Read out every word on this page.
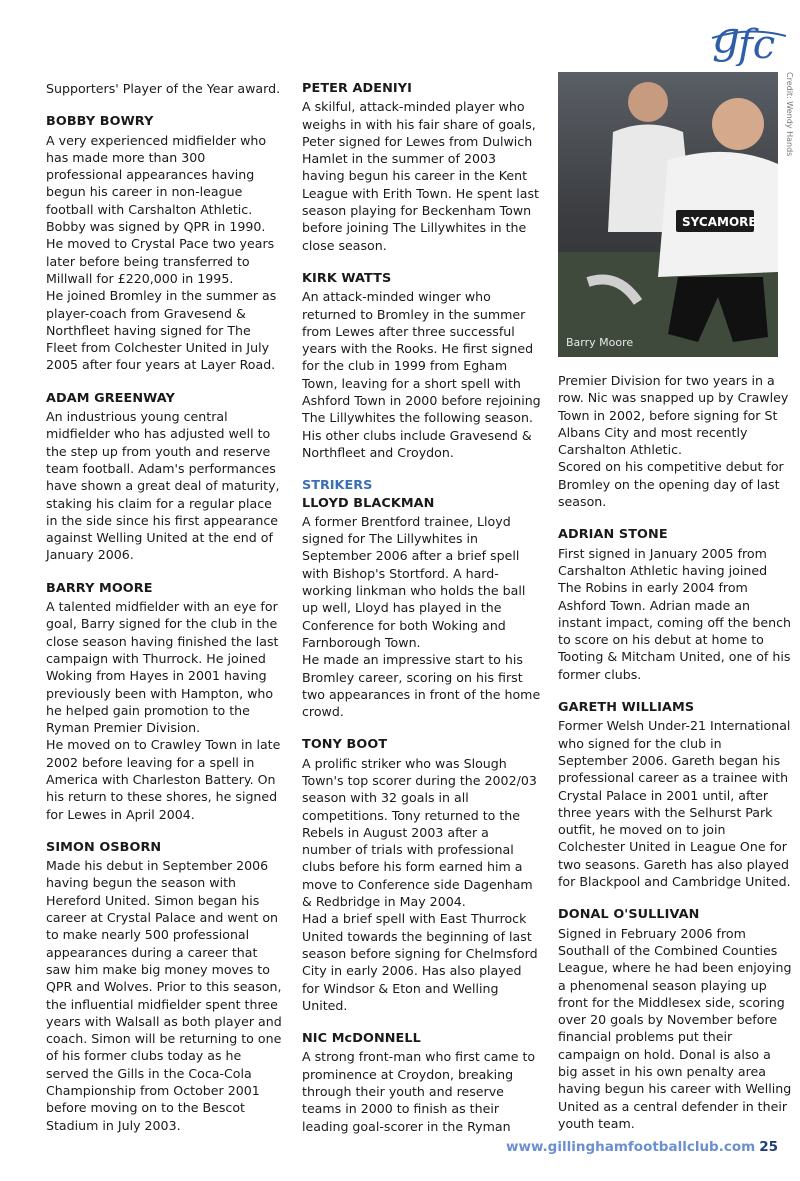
g
fc
Credit: Wendy Hands

Supporters' Player of the Year award.

BOBBY BOWRY

A very experienced midfielder who has made more than 300 professional appearances having begun his career in non-league football with Carshalton Athletic. Bobby was signed by QPR in 1990. He moved to Crystal Pace two years later before being transferred to Millwall for £220,000 in 1995.

He joined Bromley in the summer as player-coach from Gravesend & Northfleet having signed for The Fleet from Colchester United in July 2005 after four years at Layer Road.

ADAM GREENWAY

An industrious young central midfielder who has adjusted well to the step up from youth and reserve team football. Adam's performances have shown a great deal of maturity, staking his claim for a regular place in the side since his first appearance against Welling United at the end of January 2006.

BARRY MOORE

A talented midfielder with an eye for goal, Barry signed for the club in the close season having finished the last campaign with Thurrock. He joined Woking from Hayes in 2001 having previously been with Hampton, who he helped gain promotion to the Ryman Premier Division.

He moved on to Crawley Town in late 2002 before leaving for a spell in America with Charleston Battery. On his return to these shores, he signed for Lewes in April 2004.

SIMON OSBORN

Made his debut in September 2006 having begun the season with Hereford United. Simon began his career at Crystal Palace and went on to make nearly 500 professional appearances during a career that saw him make big money moves to QPR and Wolves. Prior to this season, the influential midfielder spent three years with Walsall as both player and coach. Simon will be returning to one of his former clubs today as he served the Gills in the Coca-Cola Championship from October 2001 before moving on to the Bescot Stadium in July 2003.

PETER ADENIYI

A skilful, attack-minded player who weighs in with his fair share of goals, Peter signed for Lewes from Dulwich Hamlet in the summer of 2003 having begun his career in the Kent League with Erith Town. He spent last season playing for Beckenham Town before joining The Lillywhites in the close season.

KIRK WATTS

An attack-minded winger who returned to Bromley in the summer from Lewes after three successful years with the Rooks. He first signed for the club in 1999 from Egham Town, leaving for a short spell with Ashford Town in 2000 before rejoining The Lillywhites the following season. His other clubs include Gravesend & Northfleet and Croydon.

STRIKERS

LLOYD BLACKMAN

A former Brentford trainee, Lloyd signed for The Lillywhites in September 2006 after a brief spell with Bishop's Stortford. A hard-working linkman who holds the ball up well, Lloyd has played in the Conference for both Woking and Farnborough Town.

He made an impressive start to his Bromley career, scoring on his first two appearances in front of the home crowd.

TONY BOOT

A prolific striker who was Slough Town's top scorer during the 2002/03 season with 32 goals in all competitions. Tony returned to the Rebels in August 2003 after a number of trials with professional clubs before his form earned him a move to Conference side Dagenham & Redbridge in May 2004.

Had a brief spell with East Thurrock United towards the beginning of last season before signing for Chelmsford City in early 2006. Has also played for Windsor & Eton and Welling United.

NIC McDONNELL

A strong front-man who first came to prominence at Croydon, breaking through their youth and reserve teams in 2000 to finish as their leading goal-scorer in the Ryman

SYCAMORE
Barry Moore

Premier Division for two years in a row. Nic was snapped up by Crawley Town in 2002, before signing for St Albans City and most recently Carshalton Athletic.

Scored on his competitive debut for Bromley on the opening day of last season.

ADRIAN STONE

First signed in January 2005 from Carshalton Athletic having joined The Robins in early 2004 from Ashford Town. Adrian made an instant impact, coming off the bench to score on his debut at home to Tooting & Mitcham United, one of his former clubs.

GARETH WILLIAMS

Former Welsh Under-21 International who signed for the club in September 2006. Gareth began his professional career as a trainee with Crystal Palace in 2001 until, after three years with the Selhurst Park outfit, he moved on to join Colchester United in League One for two seasons. Gareth has also played for Blackpool and Cambridge United.

DONAL O'SULLIVAN

Signed in February 2006 from Southall of the Combined Counties League, where he had been enjoying a phenomenal season playing up front for the Middlesex side, scoring over 20 goals by November before financial problems put their campaign on hold. Donal is also a big asset in his own penalty area having begun his career with Welling United as a central defender in their youth team.

www.gillinghamfootballclub.com 25
